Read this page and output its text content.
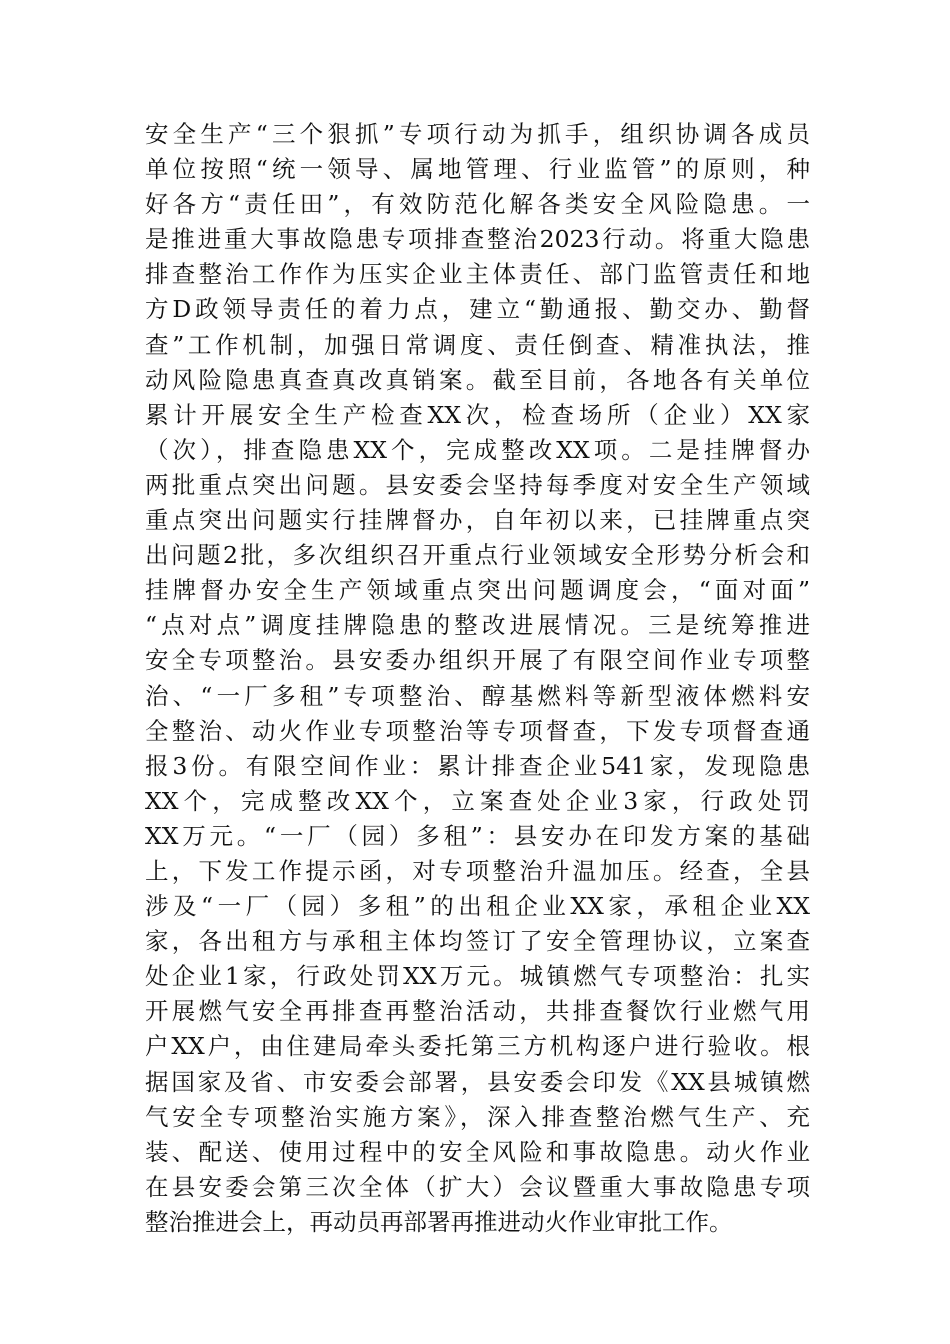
安全生产“三个狠抓”专项行动为抓手，组织协调各成员
单位按照“统一领导、属地管理、行业监管”的原则，种
好各方“责任田”，有效防范化解各类安全风险隐患。一
是推进重大事故隐患专项排查整治2023行动。将重大隐患
排查整治工作作为压实企业主体责任、部门监管责任和地
方D政领导责任的着力点，建立“勤通报、勤交办、勤督
查”工作机制，加强日常调度、责任倒查、精准执法，推
动风险隐患真查真改真销案。截至目前，各地各有关单位
累计开展安全生产检查XX次，检查场所（企业）XX家
（次），排查隐患XX个，完成整改XX项。二是挂牌督办
两批重点突出问题。县安委会坚持每季度对安全生产领域
重点突出问题实行挂牌督办，自年初以来，已挂牌重点突
出问题2批，多次组织召开重点行业领域安全形势分析会和
挂牌督办安全生产领域重点突出问题调度会，“面对面”
“点对点”调度挂牌隐患的整改进展情况。三是统筹推进
安全专项整治。县安委办组织开展了有限空间作业专项整
治、“一厂多租”专项整治、醇基燃料等新型液体燃料安
全整治、动火作业专项整治等专项督查，下发专项督查通
报3份。有限空间作业：累计排查企业541家，发现隐患
XX个，完成整改XX个，立案查处企业3家，行政处罚
XX万元。“一厂（园）多租”：县安办在印发方案的基础
上，下发工作提示函，对专项整治升温加压。经查，全县
涉及“一厂（园）多租”的出租企业XX家，承租企业XX
家，各出租方与承租主体均签订了安全管理协议，立案查
处企业1家，行政处罚XX万元。城镇燃气专项整治：扎实
开展燃气安全再排查再整治活动，共排查餐饮行业燃气用
户XX户，由住建局牵头委托第三方机构逐户进行验收。根
据国家及省、市安委会部署，县安委会印发《XX县城镇燃
气安全专项整治实施方案》，深入排查整治燃气生产、充
装、配送、使用过程中的安全风险和事故隐患。动火作业
在县安委会第三次全体（扩大）会议暨重大事故隐患专项
整治推进会上，再动员再部署再推进动火作业审批工作。
